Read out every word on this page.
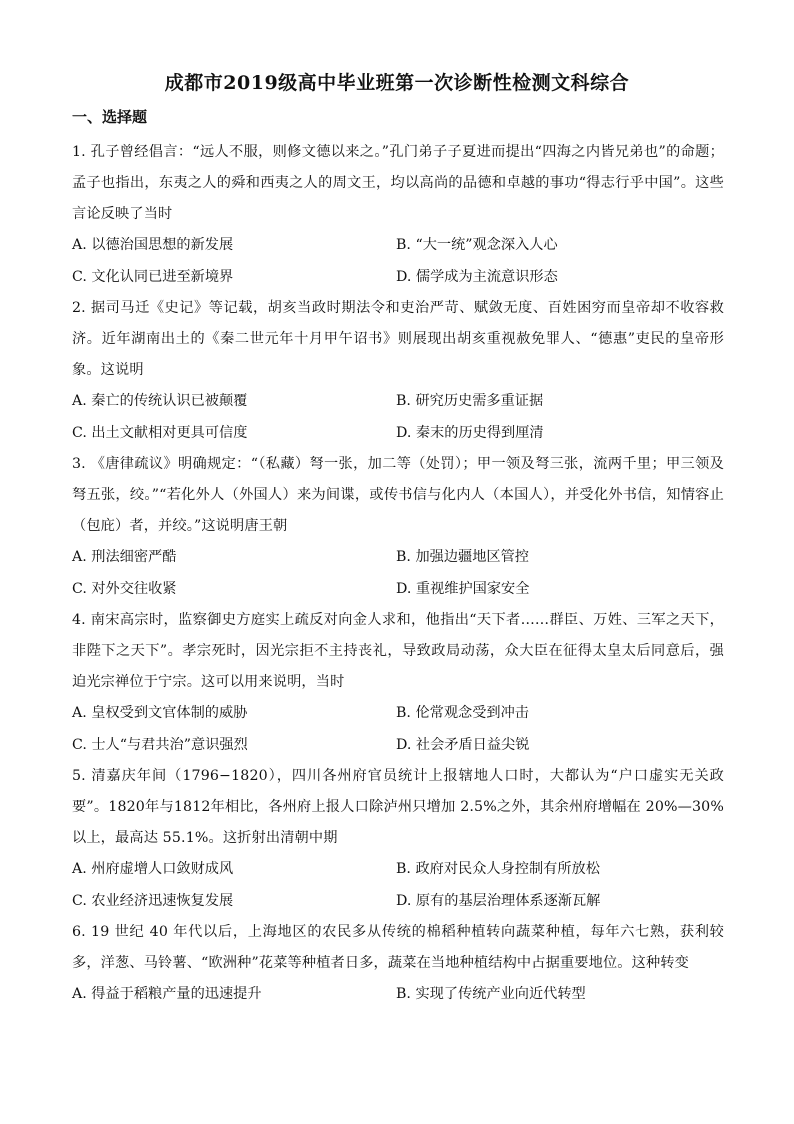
成都市2019级高中毕业班第一次诊断性检测文科综合
一、选择题

1. 孔子曾经倡言：“远人不服，则修文德以来之。”孔门弟子子夏进而提出“四海之内皆兄弟也”的命题；孟子也指出，东夷之人的舜和西夷之人的周文王，均以高尚的品德和卓越的事功“得志行乎中国”。这些言论反映了当时

A. 以德治国思想的新发展	B. “大一统”观念深入人心
C. 文化认同已进至新境界	D. 儒学成为主流意识形态

2. 据司马迁《史记》等记载，胡亥当政时期法令和吏治严苛、赋敛无度、百姓困穷而皇帝却不收容救济。近年湖南出土的《秦二世元年十月甲午诏书》则展现出胡亥重视赦免罪人、“德惠”吏民的皇帝形象。这说明

A. 秦亡的传统认识已被颠覆	B. 研究历史需多重证据
C. 出土文献相对更具可信度	D. 秦末的历史得到厘清

3. 《唐律疏议》明确规定：“（私藏）弩一张，加二等（处罚）；甲一领及弩三张，流两千里；甲三领及弩五张，绞。”“若化外人（外国人）来为间谍，或传书信与化内人（本国人），并受化外书信，知情容止（包庇）者，并绞。”这说明唐王朝

A. 刑法细密严酷	B. 加强边疆地区管控
C. 对外交往收紧	D. 重视维护国家安全

4. 南宋高宗时，监察御史方庭实上疏反对向金人求和，他指出“天下者……群臣、万姓、三军之天下，非陛下之天下”。孝宗死时，因光宗拒不主持丧礼，导致政局动荡，众大臣在征得太皇太后同意后，强迫光宗禅位于宁宗。这可以用来说明，当时

A. 皇权受到文官体制的威胁	B. 伦常观念受到冲击
C. 士人“与君共治”意识强烈	D. 社会矛盾日益尖锐

5. 清嘉庆年间（1796−1820），四川各州府官员统计上报辖地人口时，大都认为“户口虚实无关政要”。1820年与1812年相比，各州府上报人口除泸州只增加 2.5%之外，其余州府增幅在 20%—30%以上，最高达 55.1%。这折射出清朝中期

A. 州府虚增人口敛财成风	B. 政府对民众人身控制有所放松
C. 农业经济迅速恢复发展	D. 原有的基层治理体系逐渐瓦解

6. 19 世纪 40 年代以后，上海地区的农民多从传统的棉稻种植转向蔬菜种植，每年六七熟，获利较多，洋葱、马铃薯、“欧洲种”花菜等种植者日多，蔬菜在当地种植结构中占据重要地位。这种转变

A. 得益于稻粮产量的迅速提升	B. 实现了传统产业向近代转型
